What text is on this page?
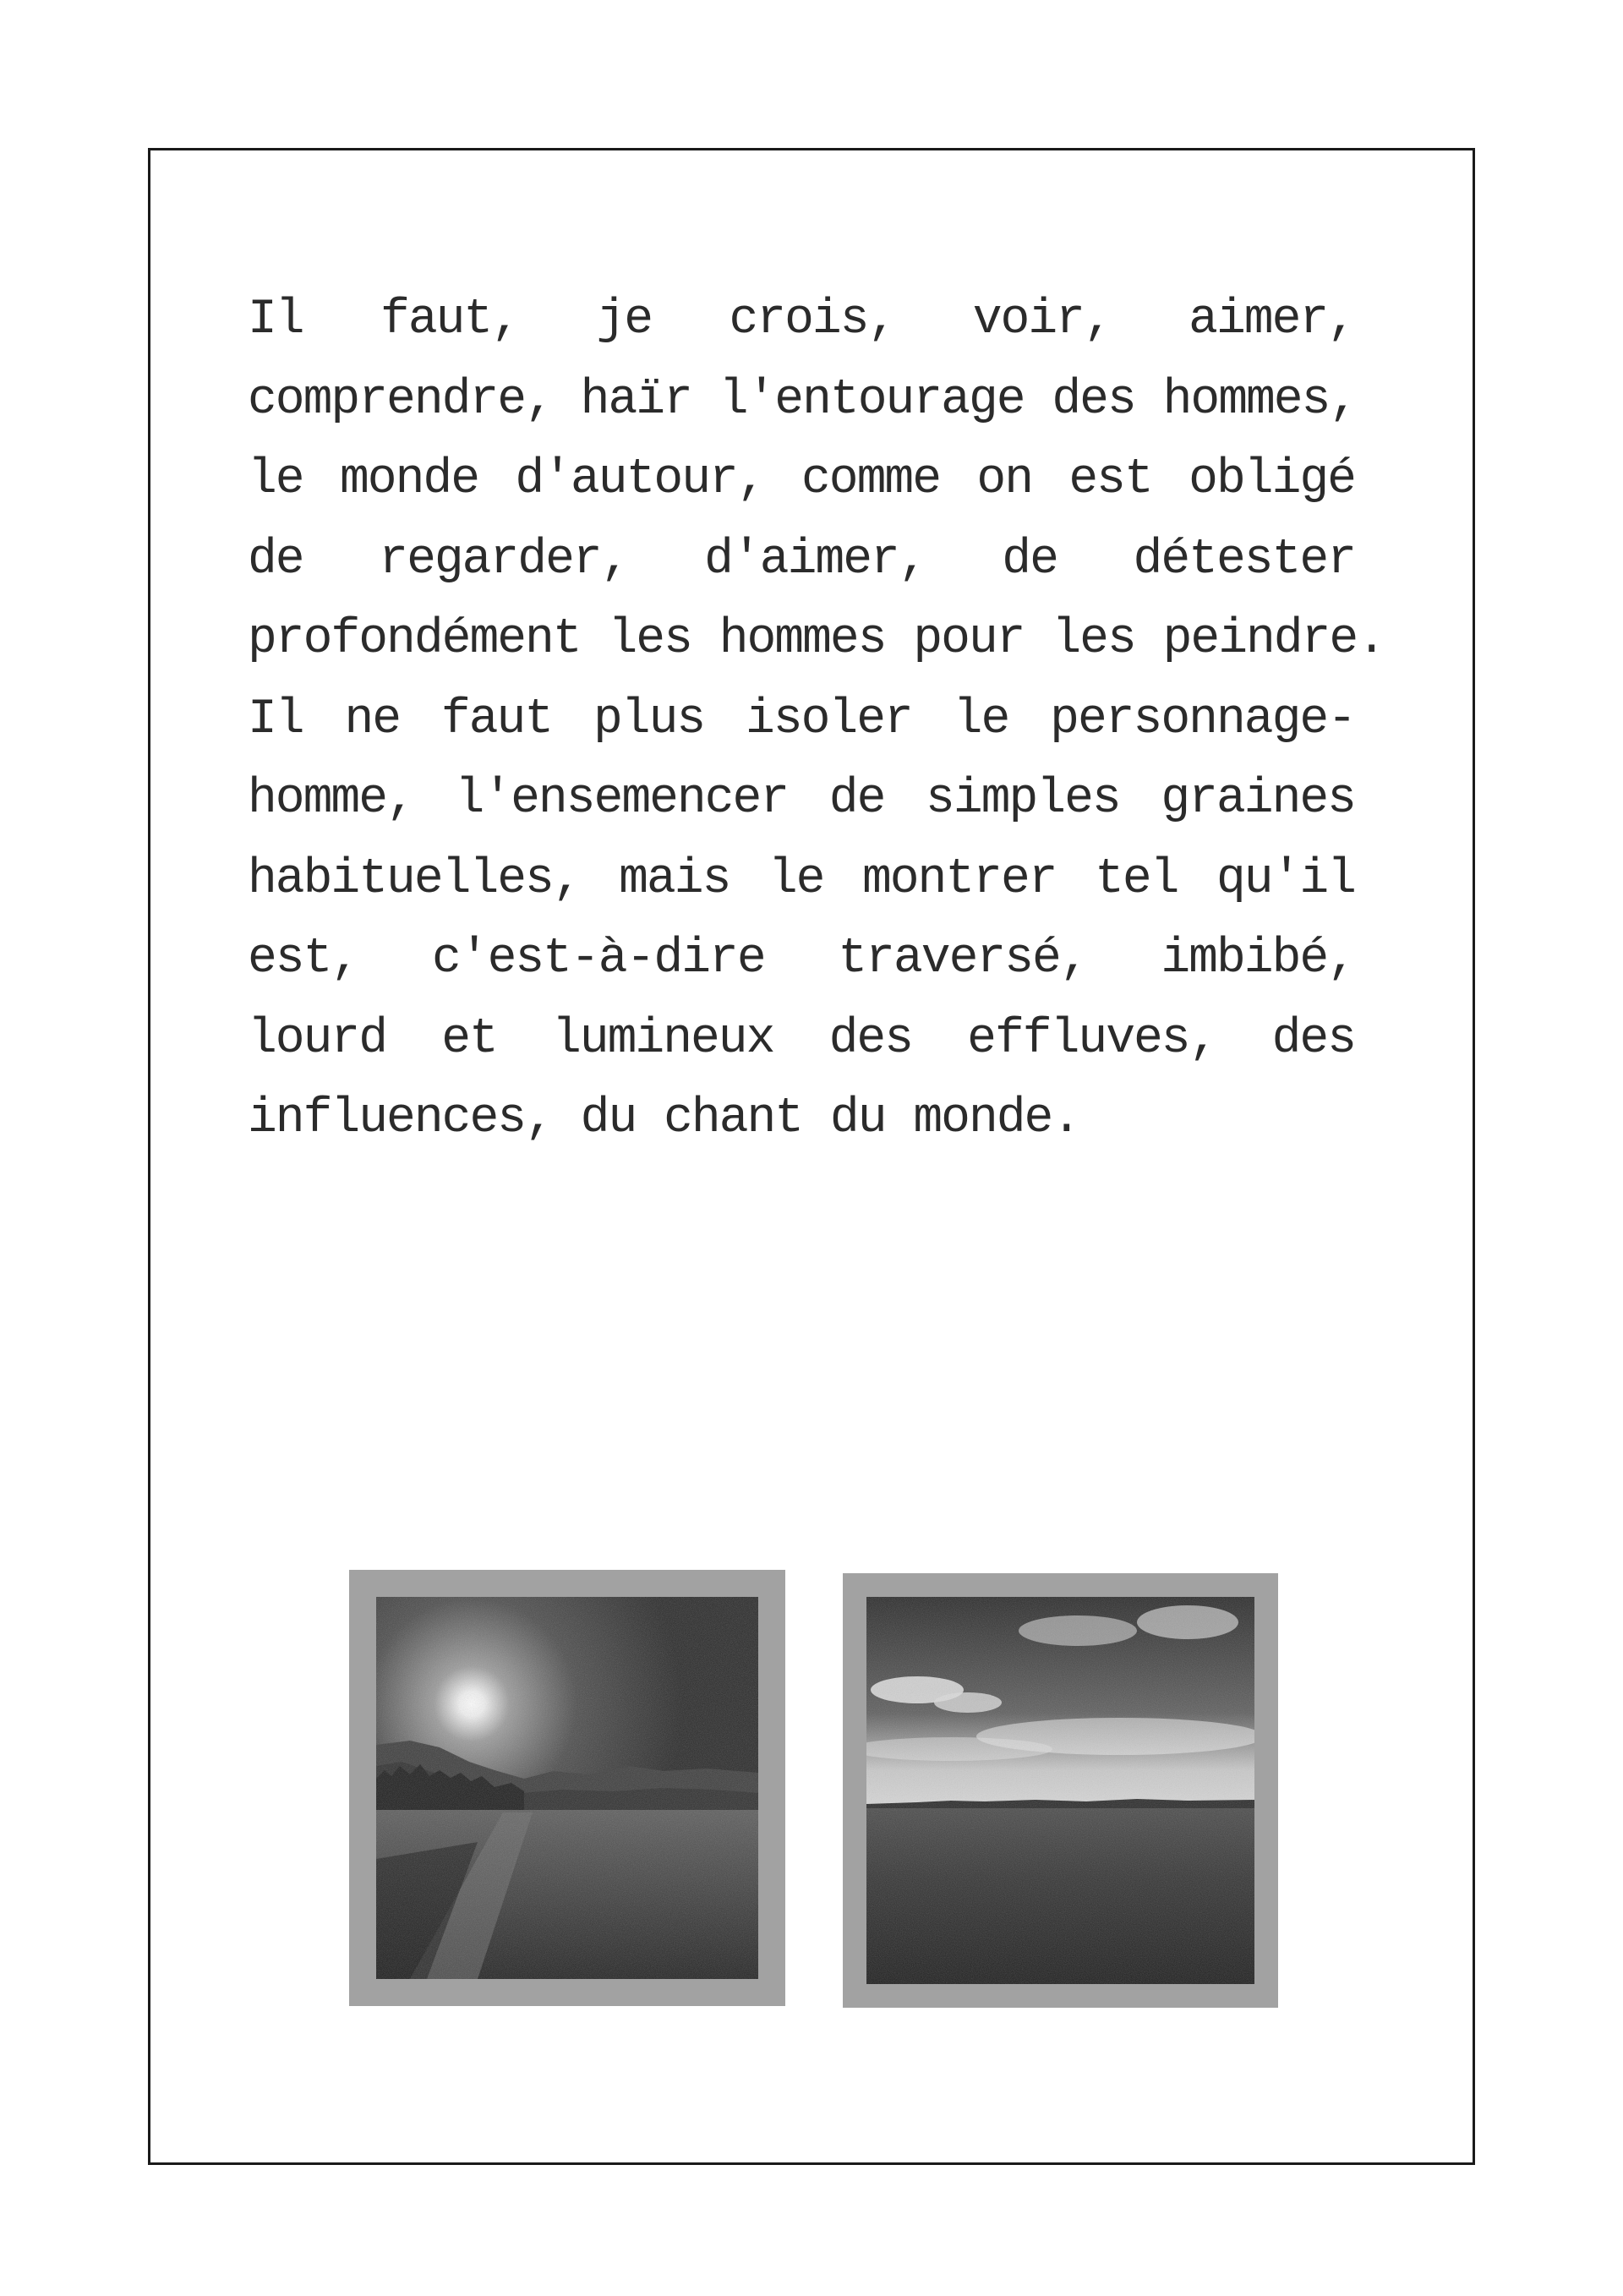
Il faut, je crois, voir, aimer,
comprendre, haïr l'entourage des hommes,
le monde d'autour, comme on est obligé
de regarder, d'aimer, de détester
profondément les hommes pour les peindre.
Il ne faut plus isoler le personnage-
homme, l'ensemencer de simples graines
habituelles, mais le montrer tel qu'il
est, c'est-à-dire traversé, imbibé,
lourd et lumineux des effluves, des
influences, du chant du monde.
